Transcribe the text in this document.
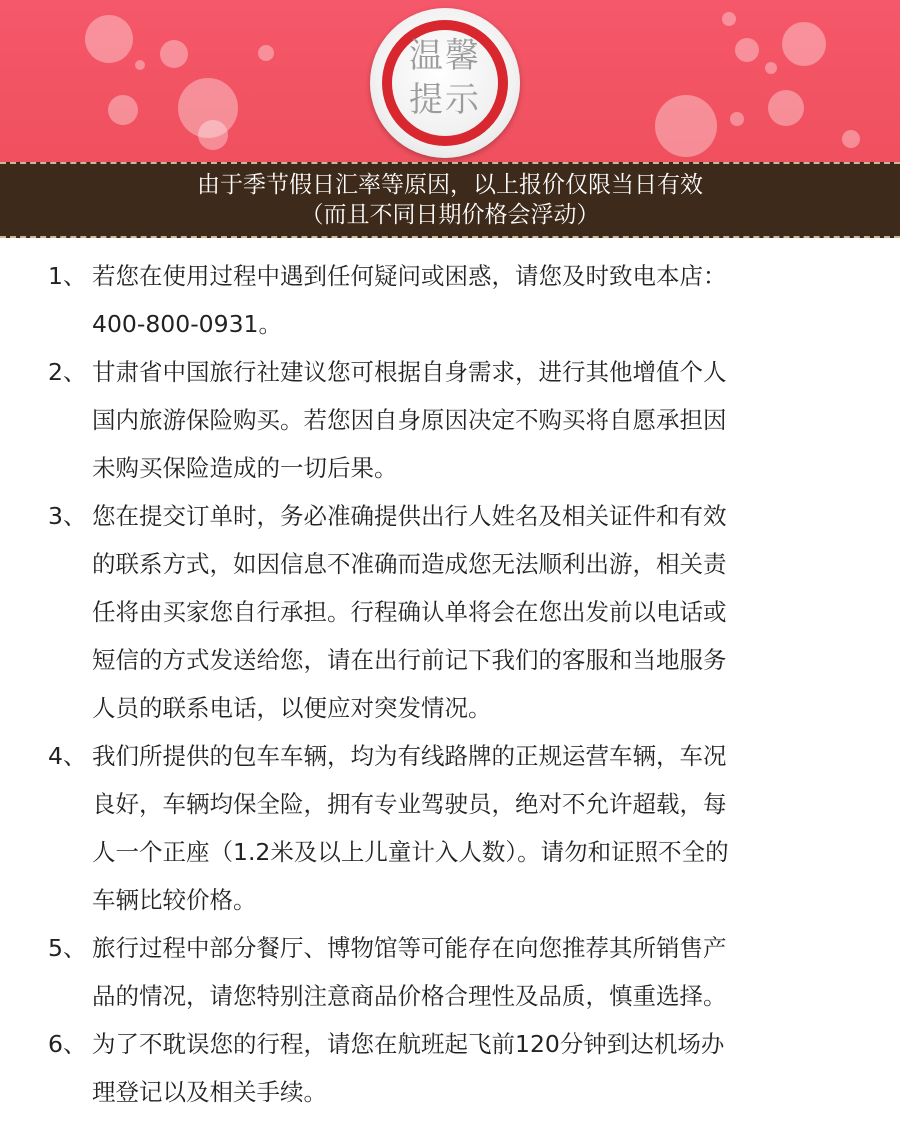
温馨
提示
由于季节假日汇率等原因，以上报价仅限当日有效
（而且不同日期价格会浮动）
1、 若您在使用过程中遇到任何疑问或困惑，请您及时致电本店：
400-800-0931。
2、 甘肃省中国旅行社建议您可根据自身需求，进行其他增值个人
国内旅游保险购买。若您因自身原因决定不购买将自愿承担因
未购买保险造成的一切后果。
3、 您在提交订单时，务必准确提供出行人姓名及相关证件和有效
的联系方式，如因信息不准确而造成您无法顺利出游，相关责
任将由买家您自行承担。行程确认单将会在您出发前以电话或
短信的方式发送给您，请在出行前记下我们的客服和当地服务
人员的联系电话，以便应对突发情况。
4、 我们所提供的包车车辆，均为有线路牌的正规运营车辆，车况
良好，车辆均保全险，拥有专业驾驶员，绝对不允许超载，每
人一个正座（1.2米及以上儿童计入人数）。请勿和证照不全的
车辆比较价格。
5、 旅行过程中部分餐厅、博物馆等可能存在向您推荐其所销售产
品的情况，请您特别注意商品价格合理性及品质，慎重选择。
6、 为了不耽误您的行程，请您在航班起飞前120分钟到达机场办
理登记以及相关手续。
